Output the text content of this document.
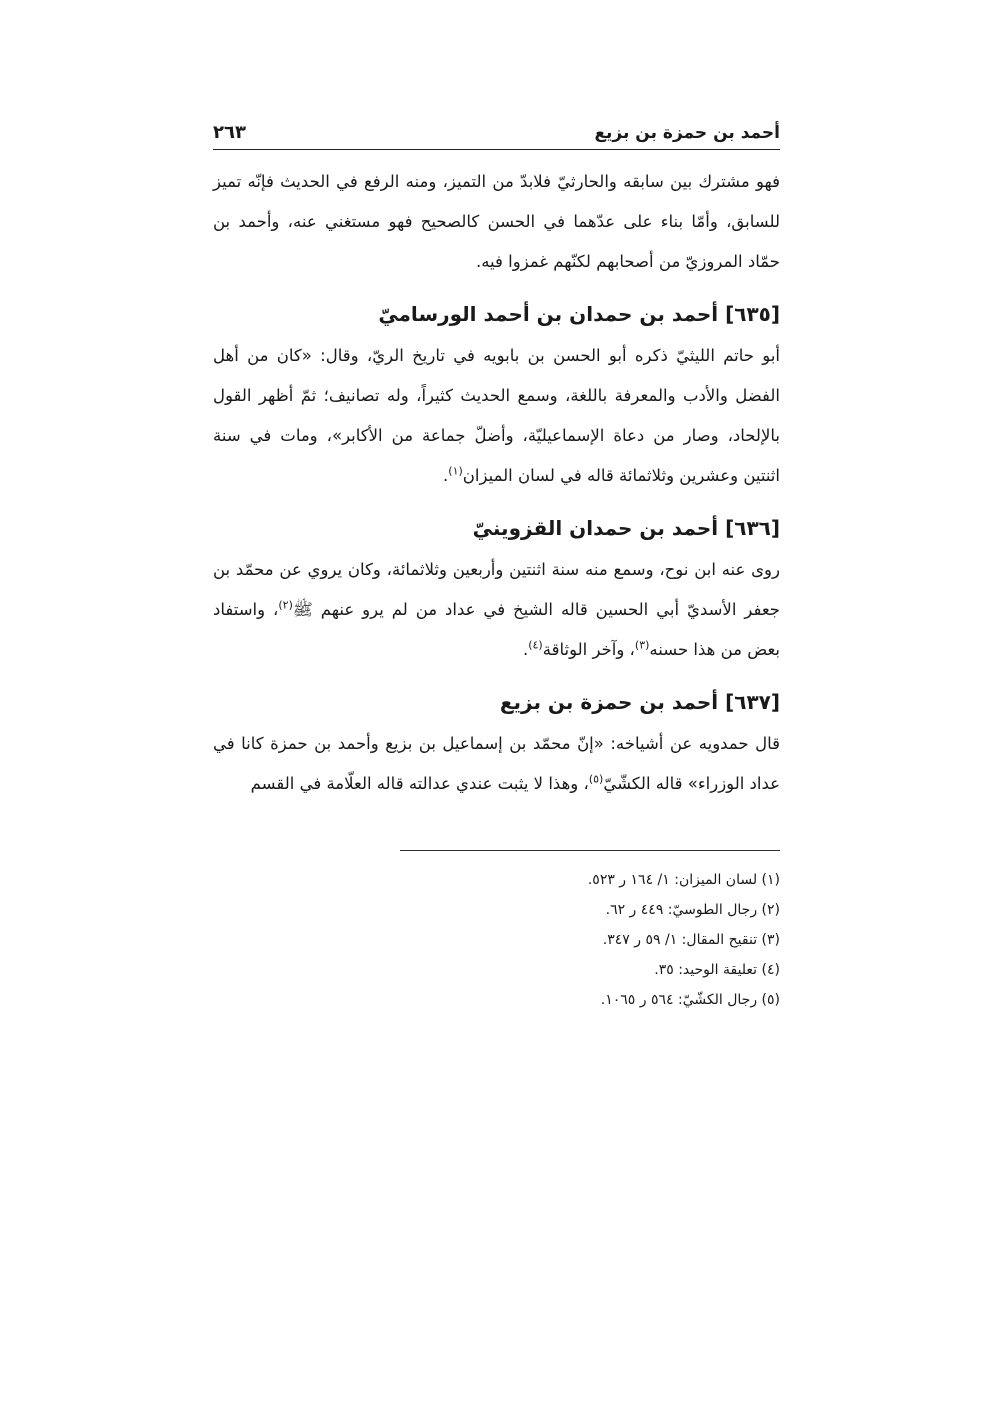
أحمد بن حمزة بن بزيع
٢٦٣

فهو مشترك بين سابقه والحارثيّ فلابدّ من التميز، ومنه الرفع في الحديث فإنّه تميز للسابق، وأمّا بناء على عدّهما في الحسن كالصحيح فهو مستغني عنه، وأحمد بن حمّاد المروزيّ من أصحابهم لكنّهم غمزوا فيه.

[٦٣٥] أحمد بن حمدان بن أحمد الورساميّ

أبو حاتم الليثيّ ذكره أبو الحسن بن بابويه في تاريخ الريّ، وقال: «كان من أهل الفضل والأدب والمعرفة باللغة، وسمع الحديث كثيراً، وله تصانيف؛ ثمّ أظهر القول بالإلحاد، وصار من دعاة الإسماعيليّة، وأضلّ جماعة من الأكابر»، ومات في سنة اثنتين وعشرين وثلاثمائة قاله في لسان الميزان$^{(١)}$.

[٦٣٦] أحمد بن حمدان القزوينيّ

روى عنه ابن نوح، وسمع منه سنة اثنتين وأربعين وثلاثمائة، وكان يروي عن محمّد بن جعفر الأسديّ أبي الحسين قاله الشيخ في عداد من لم يرو عنهم ﷺ$^{(٢)}$، واستفاد بعض من هذا حسنه$^{(٣)}$، وآخر الوثاقة$^{(٤)}$.

[٦٣٧] أحمد بن حمزة بن بزيع

قال حمدويه عن أشياخه: «إنّ محمّد بن إسماعيل بن بزيع وأحمد بن حمزة كانا في عداد الوزراء» قاله الكشّيّ$^{(٥)}$، وهذا لا يثبت عندي عدالته قاله العلّامة في القسم

(١) لسان الميزان: ١/ ١٦٤ ر ٥٢٣.
(٢) رجال الطوسيّ: ٤٤٩ ر ٦٢.
(٣) تنقيح المقال: ١/ ٥٩ ر ٣٤٧.
(٤) تعليقة الوحيد: ٣٥.
(٥) رجال الكشّيّ: ٥٦٤ ر ١٠٦٥.
